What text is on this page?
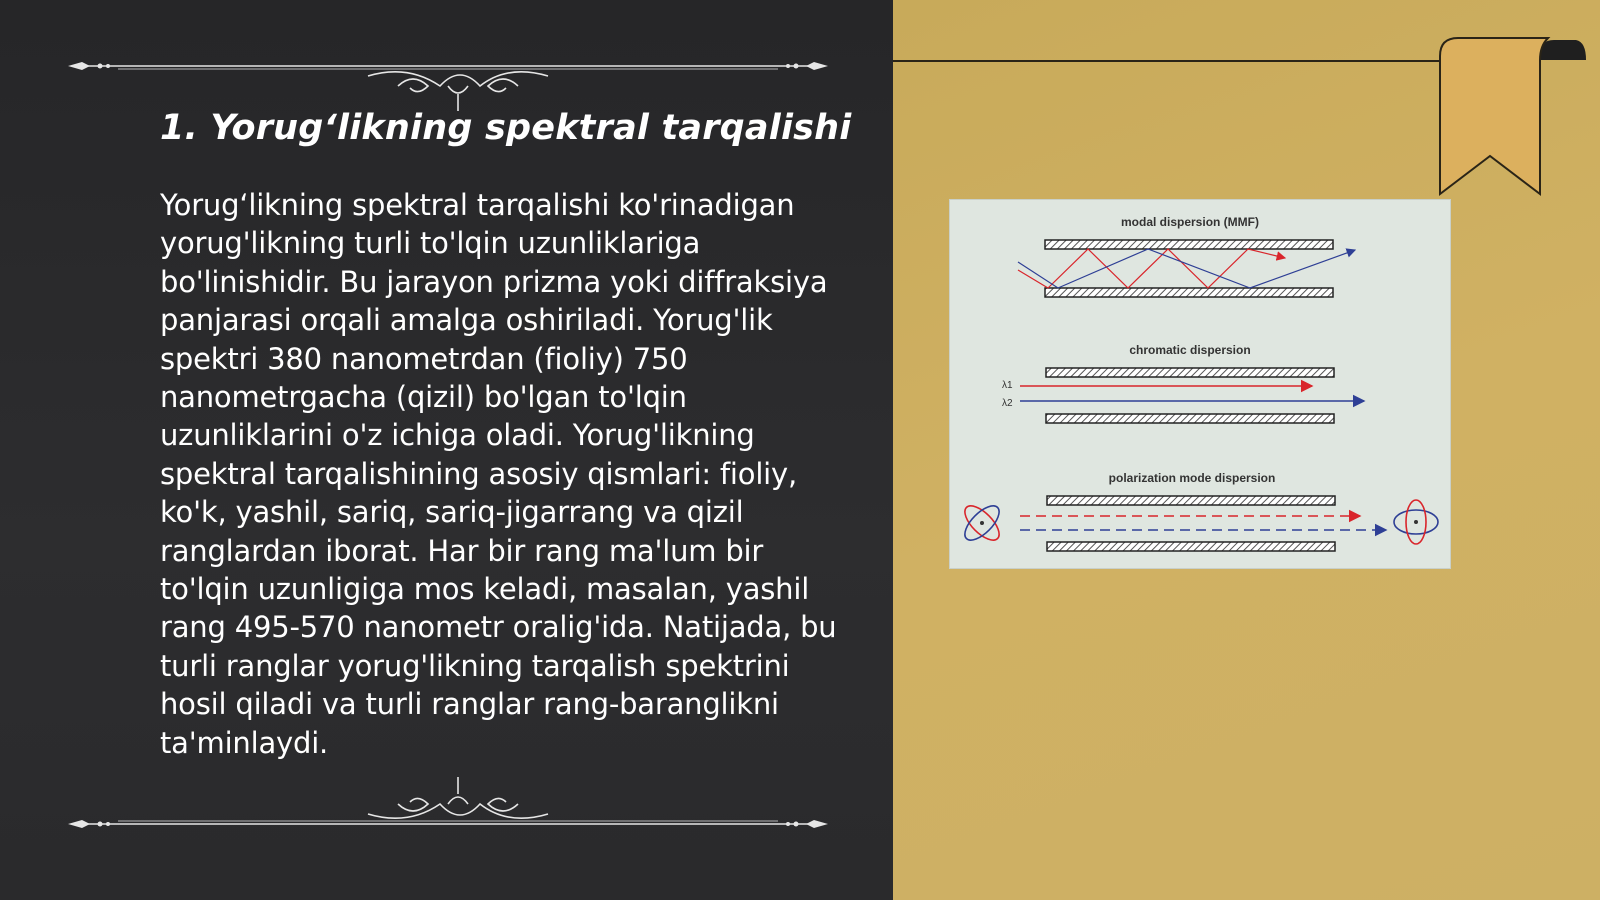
1. Yorug‘likning spektral tarqalishi

Yorug‘likning spektral tarqalishi ko'rinadigan yorug'likning turli to'lqin uzunliklariga bo'linishidir. Bu jarayon prizma yoki diffraksiya panjarasi orqali amalga oshiriladi. Yorug'lik spektri 380 nanometrdan (fioliy) 750 nanometrgacha (qizil) bo'lgan to'lqin uzunliklarini o'z ichiga oladi. Yorug'likning spektral tarqalishining asosiy qismlari: fioliy, ko'k, yashil, sariq, sariq-jigarrang va qizil ranglardan iborat. Har bir rang ma'lum bir to'lqin uzunligiga mos keladi, masalan, yashil rang 495-570 nanometr oralig'ida. Natijada, bu turli ranglar yorug'likning tarqalish spektrini hosil qiladi va turli ranglar rang-baranglikni ta'minlaydi.

modal dispersion (MMF)
chromatic dispersion
λ1
λ2
polarization mode dispersion
